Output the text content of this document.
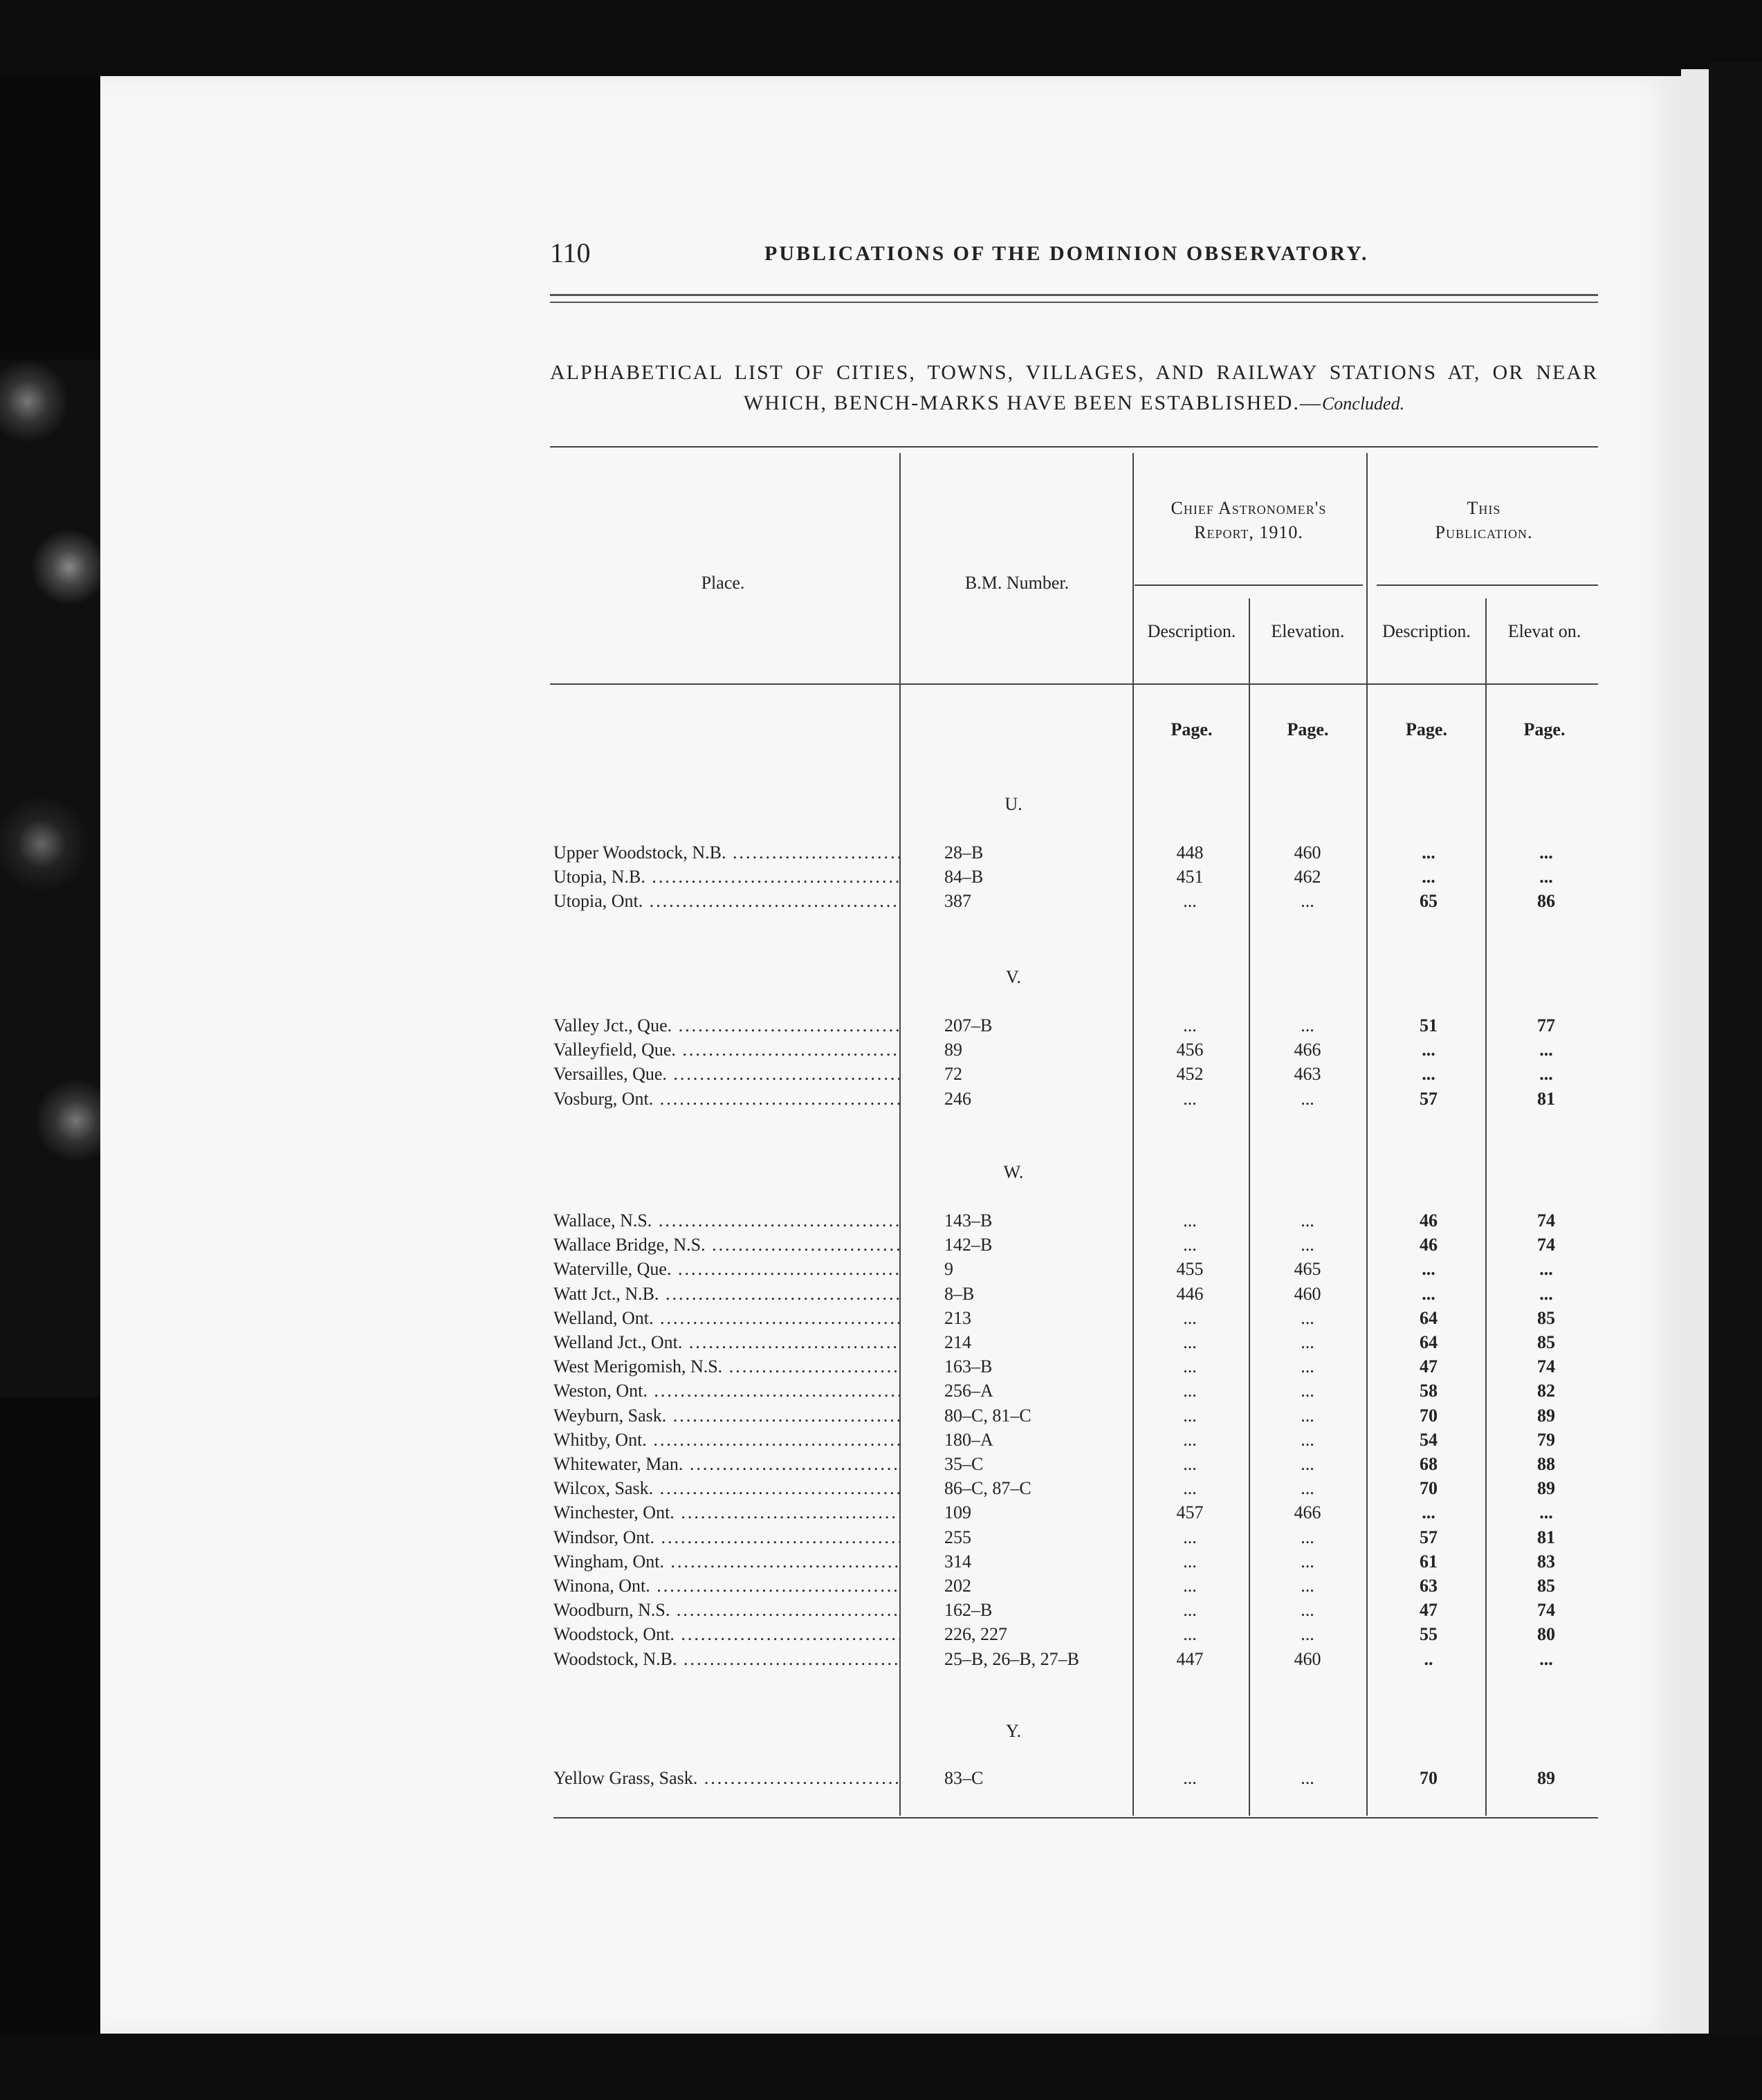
110	PUBLICATIONS OF THE DOMINION OBSERVATORY.
ALPHABETICAL LIST OF CITIES, TOWNS, VILLAGES, AND RAILWAY STATIONS AT, OR NEAR
WHICH, BENCH-MARKS HAVE BEEN ESTABLISHED.—Concluded.
Place.	B.M. Number.
Chief Astronomer's
Report, 1910.
This
Publication.
Description.	Elevation.	Description.	Elevat on.
Page.	Page.	Page.	Page.
U.
Upper Woodstock, N.B. .....	28–B	448	460	...	...
Utopia, N.B. .....	84–B	451	462	...	...
Utopia, Ont. .....	387	...	...	65	86
V.
Valley Jct., Que. .....	207–B	...	...	51	77
Valleyfield, Que. .....	89	456	466	...	...
Versailles, Que. .....	72	452	463	...	...
Vosburg, Ont. .....	246	...	...	57	81
W.
Wallace, N.S. .....	143–B	...	...	46	74
Wallace Bridge, N.S. .....	142–B	...	...	46	74
Waterville, Que. .....	9	455	465	...	...
Watt Jct., N.B. .....	8–B	446	460	...	...
Welland, Ont. .....	213	...	...	64	85
Welland Jct., Ont. .....	214	...	...	64	85
West Merigomish, N.S. .....	163–B	...	...	47	74
Weston, Ont. .....	256–A	...	...	58	82
Weyburn, Sask. .....	80–C, 81–C	...	...	70	89
Whitby, Ont. .....	180–A	...	...	54	79
Whitewater, Man. .....	35–C	...	...	68	88
Wilcox, Sask. .....	86–C, 87–C	...	...	70	89
Winchester, Ont. .....	109	457	466	...	...
Windsor, Ont. .....	255	...	...	57	81
Wingham, Ont. .....	314	...	...	61	83
Winona, Ont. .....	202	...	...	63	85
Woodburn, N.S. .....	162–B	...	...	47	74
Woodstock, Ont. .....	226, 227	...	...	55	80
Woodstock, N.B. .....	25–B, 26–B, 27–B	447	460	..	...
Y.
Yellow Grass, Sask. .....	83–C	...	...	70	89
